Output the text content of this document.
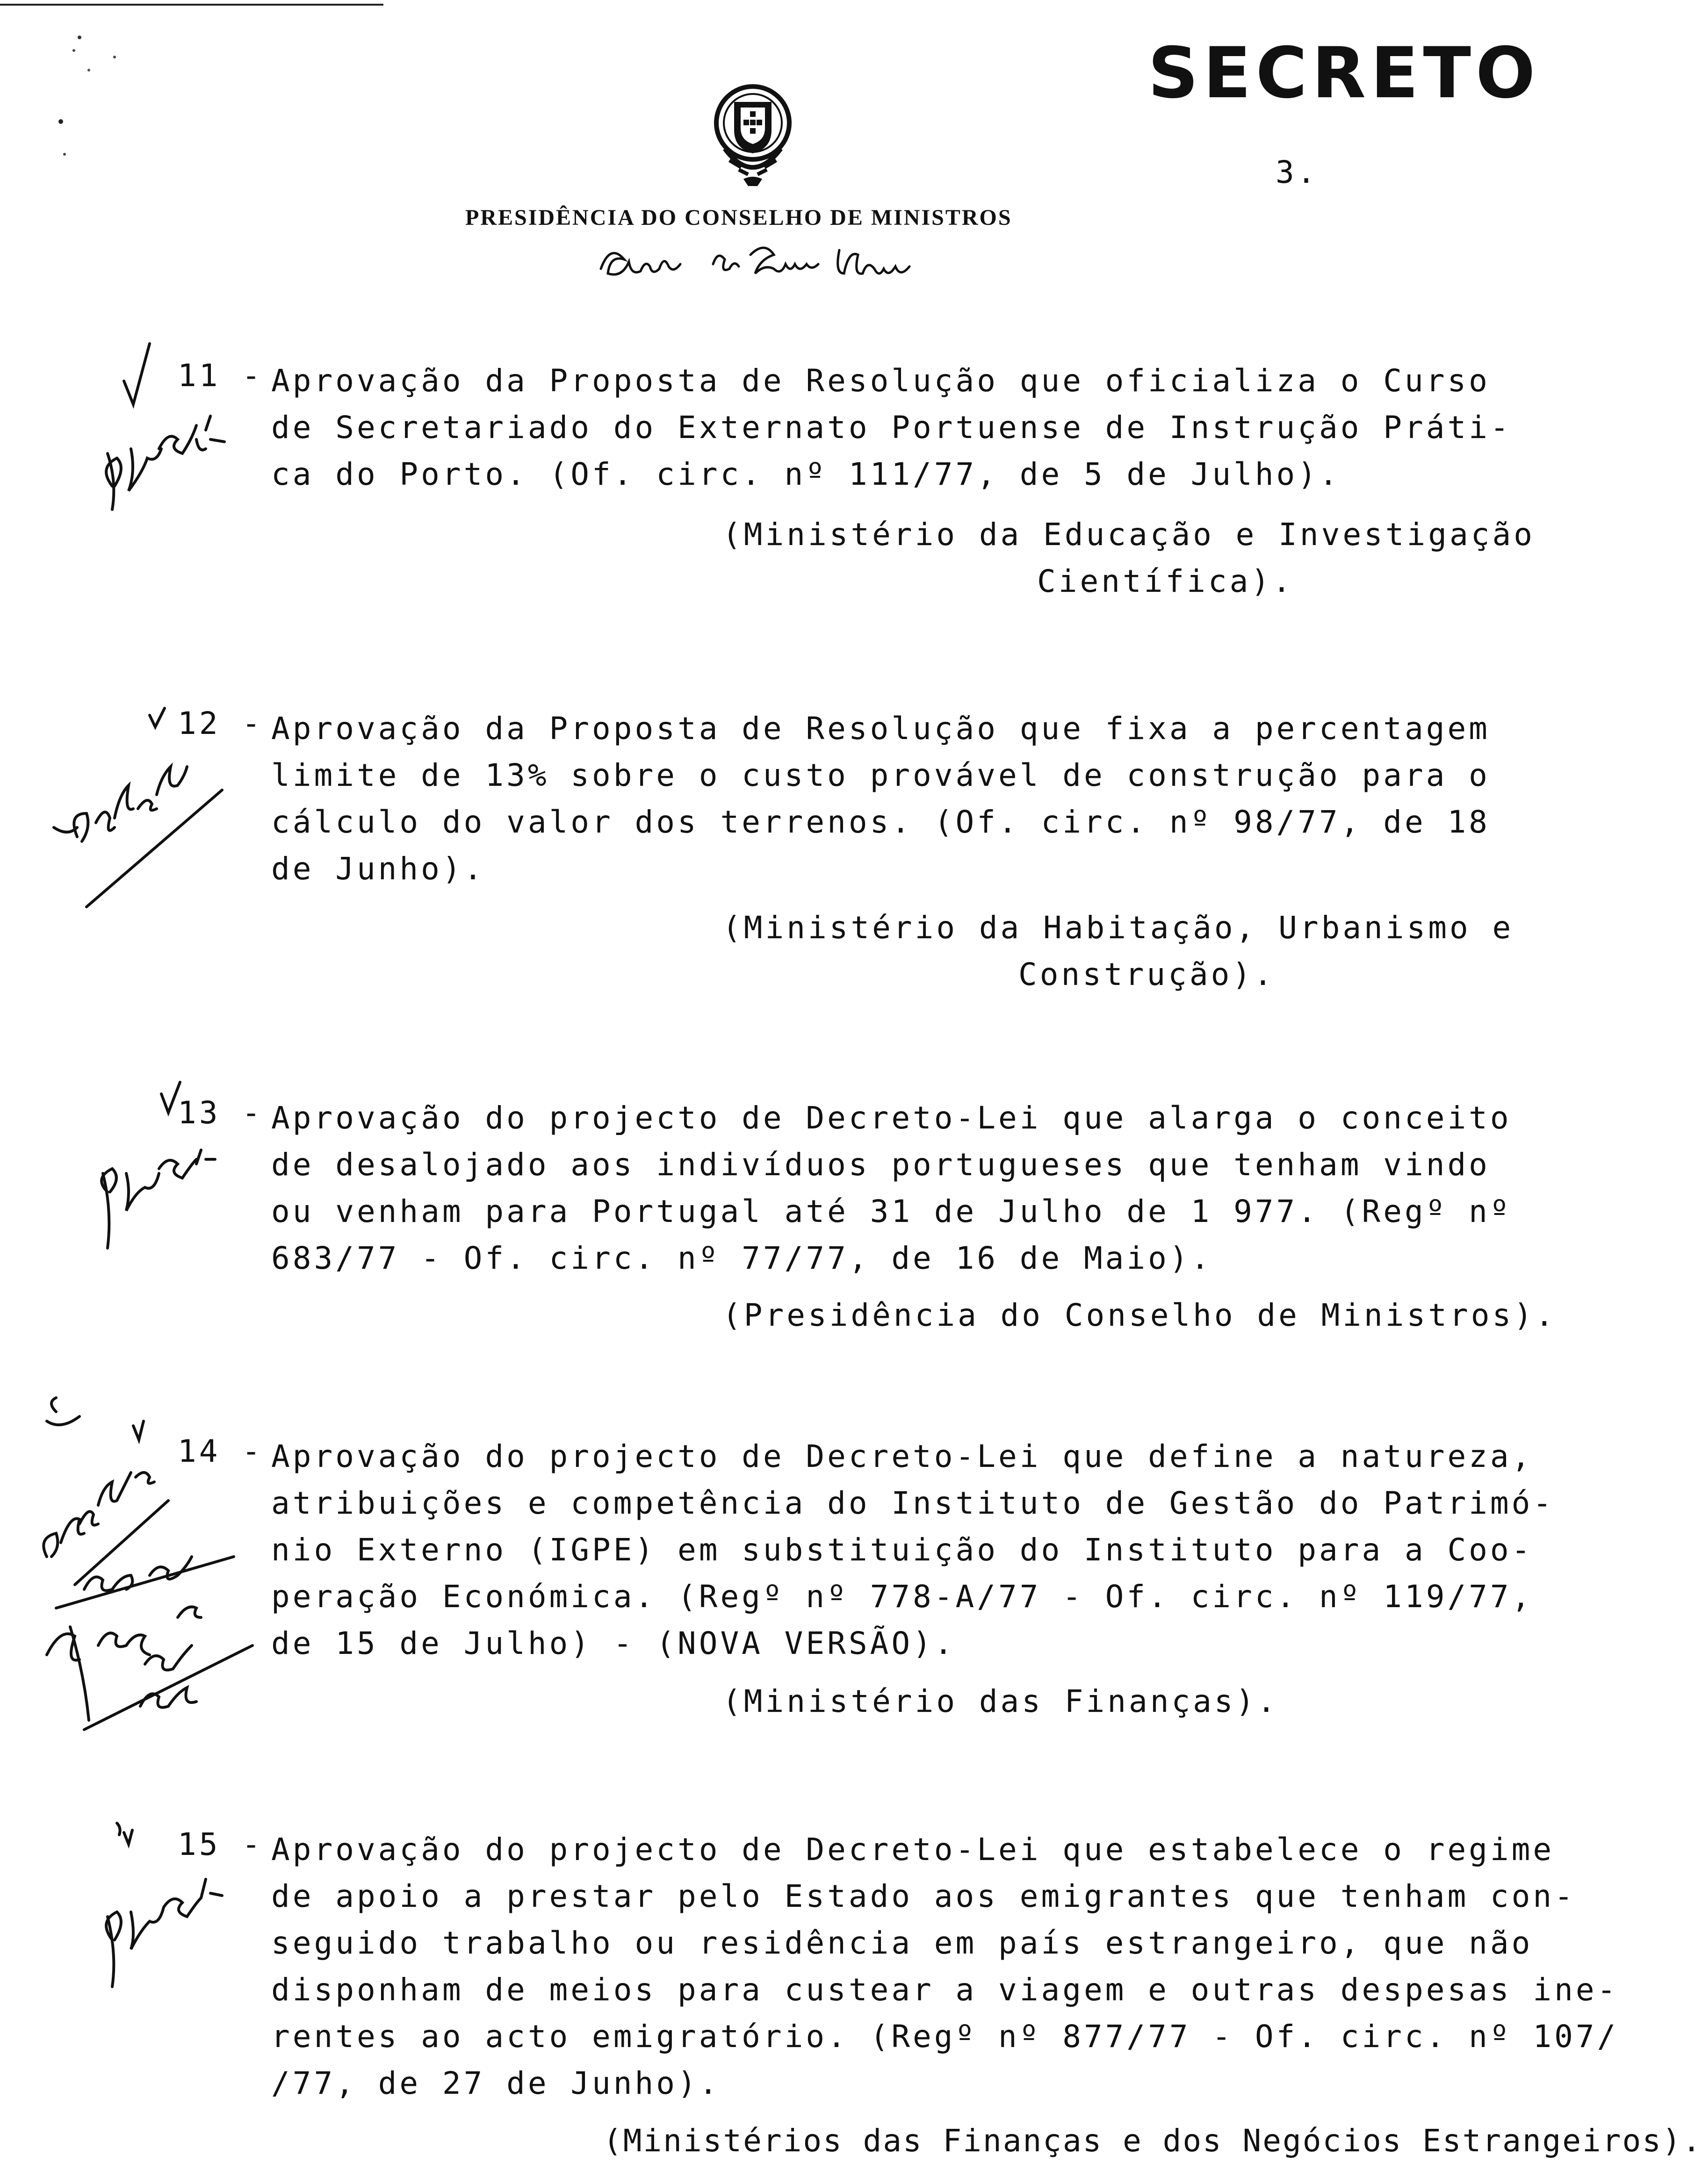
SECRETO
3.
PRESIDÊNCIA DO CONSELHO DE MINISTROS
11 - Aprovação da Proposta de Resolução que oficializa o Curso
de Secretariado do Externato Portuense de Instrução Práti-
ca do Porto. (Of. circ. nº 111/77, de 5 de Julho).
(Ministério da Educação e Investigação
Científica).
12 - Aprovação da Proposta de Resolução que fixa a percentagem
limite de 13% sobre o custo provável de construção para o
cálculo do valor dos terrenos. (Of. circ. nº 98/77, de 18
de Junho).
(Ministério da Habitação, Urbanismo e
Construção).
13 - Aprovação do projecto de Decreto-Lei que alarga o conceito
de desalojado aos indivíduos portugueses que tenham vindo
ou venham para Portugal até 31 de Julho de 1 977. (Regº nº
683/77 - Of. circ. nº 77/77, de 16 de Maio).
(Presidência do Conselho de Ministros).
14 - Aprovação do projecto de Decreto-Lei que define a natureza,
atribuições e competência do Instituto de Gestão do Patrimó-
nio Externo (IGPE) em substituição do Instituto para a Coo-
peração Económica. (Regº nº 778-A/77 - Of. circ. nº 119/77,
de 15 de Julho) - (NOVA VERSÃO).
(Ministério das Finanças).
15 - Aprovação do projecto de Decreto-Lei que estabelece o regime
de apoio a prestar pelo Estado aos emigrantes que tenham con-
seguido trabalho ou residência em país estrangeiro, que não
disponham de meios para custear a viagem e outras despesas ine-
rentes ao acto emigratório. (Regº nº 877/77 - Of. circ. nº 107/
/77, de 27 de Junho).
(Ministérios das Finanças e dos Negócios Estrangeiros).
